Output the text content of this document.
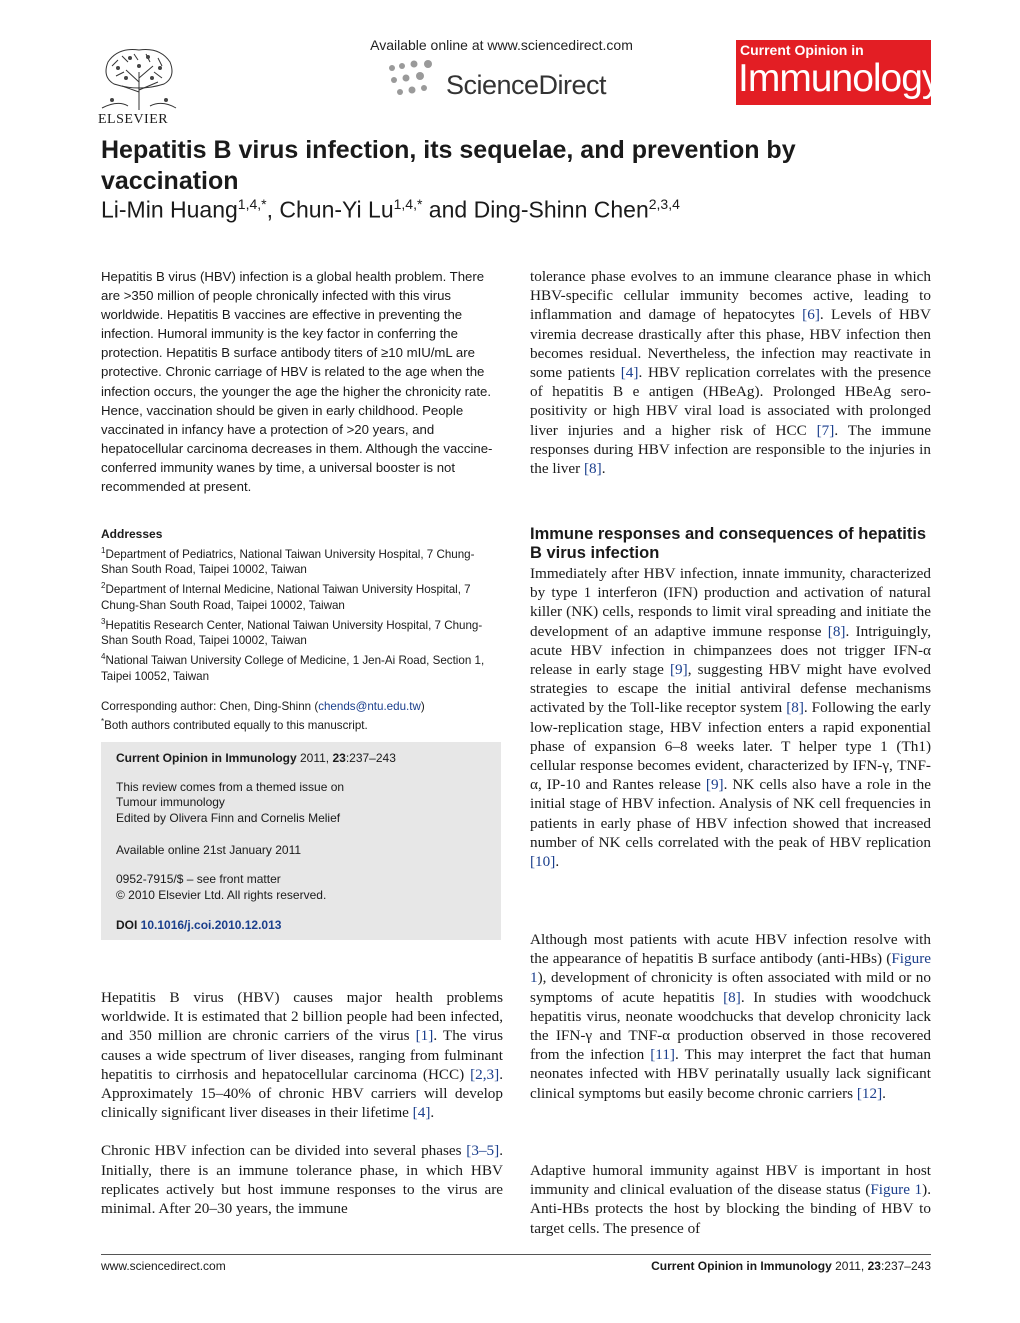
ELSEVIER
Available online at www.sciencedirect.com
ScienceDirect
Current Opinion in
Immunology
Hepatitis B virus infection, its sequelae, and prevention by vaccination
Li-Min Huang$^{1,4,*}$, Chun-Yi $Lu^{1,4,*}$ and Ding-Shinn Chen$^{2,3,4}$

Hepatitis B virus (HBV) infection is a global health problem. There are >350 million of people chronically infected with this virus worldwide. Hepatitis B vaccines are effective in preventing the infection. Humoral immunity is the key factor in conferring the protection. Hepatitis B surface antibody titers of ≥10 mIU/mL are protective. Chronic carriage of HBV is related to the age when the infection occurs, the younger the age the higher the chronicity rate. Hence, vaccination should be given in early childhood. People vaccinated in infancy have a protection of >20 years, and hepatocellular carcinoma decreases in them. Although the vaccine-conferred immunity wanes by time, a universal booster is not recommended at present.

Addresses
$^1$Department of Pediatrics, National Taiwan University Hospital, 7 Chung-Shan South Road, Taipei 10002, Taiwan
$^2$Department of Internal Medicine, National Taiwan University Hospital, 7 Chung-Shan South Road, Taipei 10002, Taiwan
$^3$Hepatitis Research Center, National Taiwan University Hospital, 7 Chung-Shan South Road, Taipei 10002, Taiwan
$^4$National Taiwan University College of Medicine, 1 Jen-Ai Road, Section 1, Taipei 10052, Taiwan
Corresponding author: Chen, Ding-Shinn (chends@ntu.edu.tw)
*Both authors contributed equally to this manuscript.
Current Opinion in Immunology 2011, 23:237–243
This review comes from a themed issue on
Tumour immunology
Edited by Olivera Finn and Cornelis Melief
Available online 21st January 2011
0952-7915/$ – see front matter
© 2010 Elsevier Ltd. All rights reserved.
DOI 10.1016/j.coi.2010.12.013

Hepatitis B virus (HBV) causes major health problems worldwide. It is estimated that 2 billion people had been infected, and 350 million are chronic carriers of the virus [1]. The virus causes a wide spectrum of liver diseases, ranging from fulminant hepatitis to cirrhosis and hepatocellular carcinoma (HCC) [2,3]. Approximately 15–40% of chronic HBV carriers will develop clinically significant liver diseases in their lifetime [4].

Chronic HBV infection can be divided into several phases [3–5]. Initially, there is an immune tolerance phase, in which HBV replicates actively but host immune responses to the virus are minimal. After 20–30 years, the immune

tolerance phase evolves to an immune clearance phase in which HBV-specific cellular immunity becomes active, leading to inflammation and damage of hepatocytes [6]. Levels of HBV viremia decrease drastically after this phase, HBV infection then becomes residual. Nevertheless, the infection may reactivate in some patients [4]. HBV replication correlates with the presence of hepatitis B e antigen (HBeAg). Prolonged HBeAg sero-positivity or high HBV viral load is associated with prolonged liver injuries and a higher risk of HCC [7]. The immune responses during HBV infection are responsible to the injuries in the liver [8].

Immune responses and consequences of hepatitis B virus infection

Immediately after HBV infection, innate immunity, characterized by type 1 interferon (IFN) production and activation of natural killer (NK) cells, responds to limit viral spreading and initiate the development of an adaptive immune response [8]. Intriguingly, acute HBV infection in chimpanzees does not trigger IFN-α release in early stage [9], suggesting HBV might have evolved strategies to escape the initial antiviral defense mechanisms activated by the Toll-like receptor system [8]. Following the early low-replication stage, HBV infection enters a rapid exponential phase of expansion 6–8 weeks later. T helper type 1 (Th1) cellular response becomes evident, characterized by IFN-γ, TNF-α, IP-10 and Rantes release [9]. NK cells also have a role in the initial stage of HBV infection. Analysis of NK cell frequencies in patients in early phase of HBV infection showed that increased number of NK cells correlated with the peak of HBV replication [10].

Although most patients with acute HBV infection resolve with the appearance of hepatitis B surface antibody (anti-HBs) (Figure 1), development of chronicity is often associated with mild or no symptoms of acute hepatitis [8]. In studies with woodchuck hepatitis virus, neonate woodchucks that develop chronicity lack the IFN-γ and TNF-α production observed in those recovered from the infection [11]. This may interpret the fact that human neonates infected with HBV perinatally usually lack significant clinical symptoms but easily become chronic carriers [12].

Adaptive humoral immunity against HBV is important in host immunity and clinical evaluation of the disease status (Figure 1). Anti-HBs protects the host by blocking the binding of HBV to target cells. The presence of

www.sciencedirect.com	Current Opinion in Immunology 2011, 23:237–243
